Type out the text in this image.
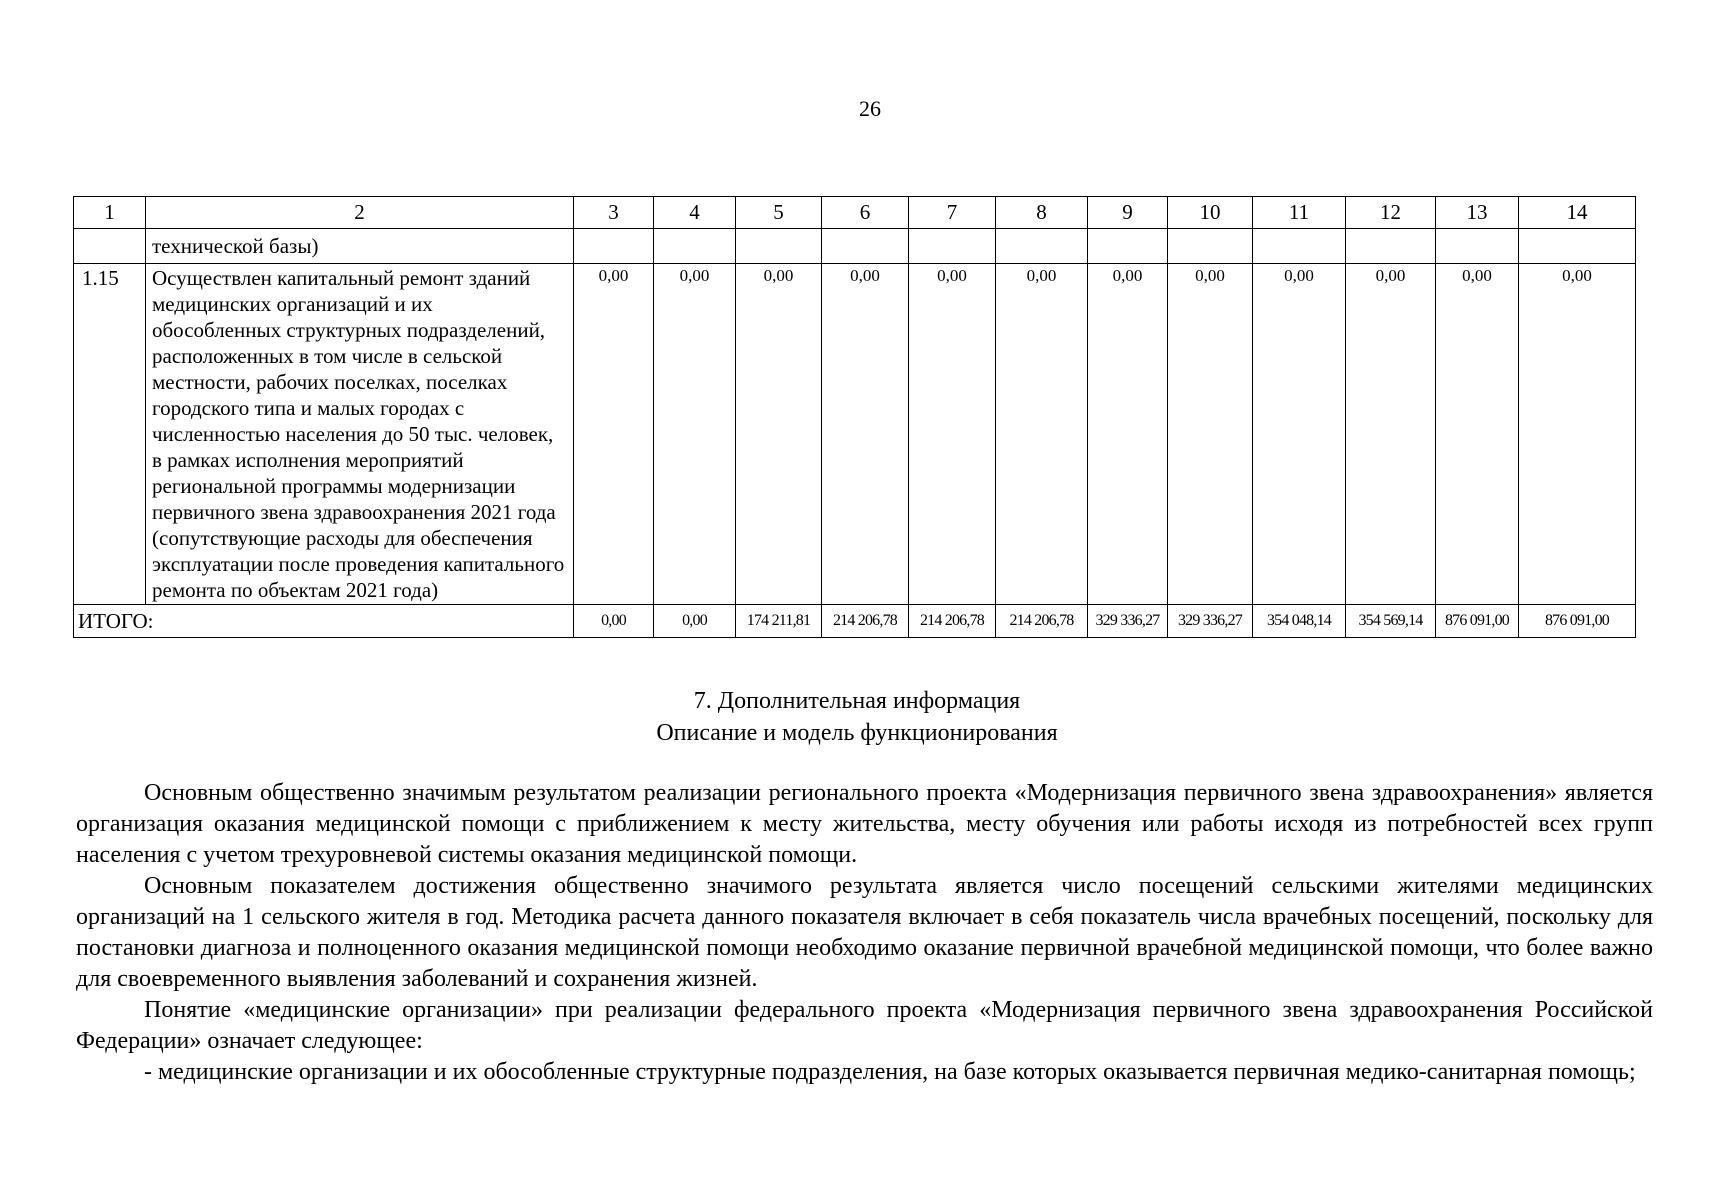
26
1	2	3	4	5	6	7	8	9	10	11	12	13	14
	технической базы)												
1.15	Осуществлен капитальный ремонт зданий медицинских организаций и их обособленных структурных подразделений, расположенных в том числе в сельской местности, рабочих поселках, поселках городского типа и малых городах с численностью населения до 50 тыс. человек, в рамках исполнения мероприятий региональной программы модернизации первичного звена здравоохранения 2021 года (сопутствующие расходы для обеспечения эксплуатации после проведения капитального ремонта по объектам 2021 года)	0,00	0,00	0,00	0,00	0,00	0,00	0,00	0,00	0,00	0,00	0,00	0,00
ИТОГО:		0,00	0,00	174 211,81	214 206,78	214 206,78	214 206,78	329 336,27	329 336,27	354 048,14	354 569,14	876 091,00	876 091,00
7. Дополнительная информация
Описание и модель функционирования

Основным общественно значимым результатом реализации регионального проекта «Модернизация первичного звена здравоохранения» является организация оказания медицинской помощи с приближением к месту жительства, месту обучения или работы исходя из потребностей всех групп населения с учетом трехуровневой системы оказания медицинской помощи.

Основным показателем достижения общественно значимого результата является число посещений сельскими жителями медицинских организаций на 1 сельского жителя в год. Методика расчета данного показателя включает в себя показатель числа врачебных посещений, поскольку для постановки диагноза и полноценного оказания медицинской помощи необходимо оказание первичной врачебной медицинской помощи, что более важно для своевременного выявления заболеваний и сохранения жизней.

Понятие «медицинские организации» при реализации федерального проекта «Модернизация первичного звена здравоохранения Российской Федерации» означает следующее:

- медицинские организации и их обособленные структурные подразделения, на базе которых оказывается первичная медико-санитарная помощь;
